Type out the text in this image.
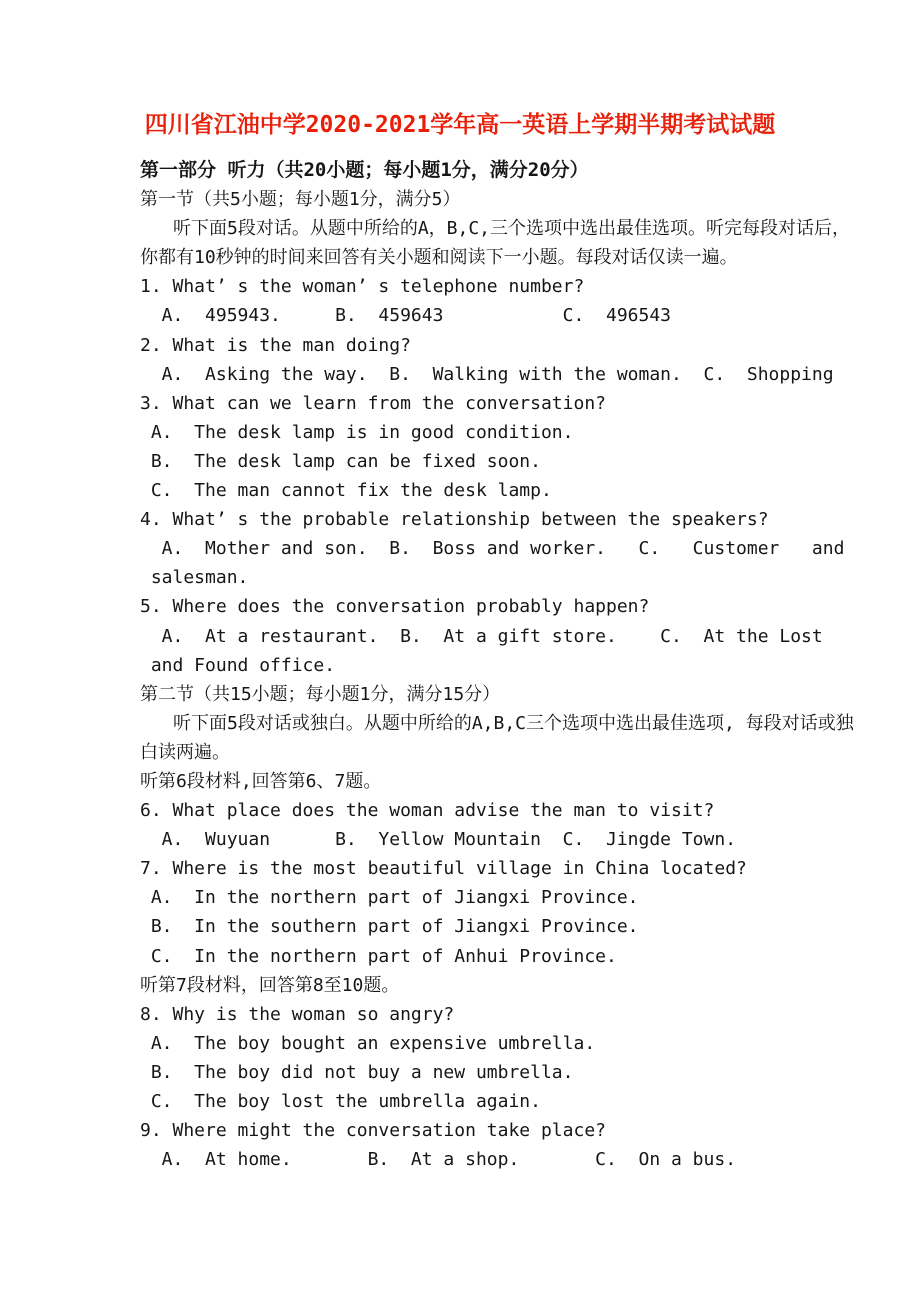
四川省江油中学2020-2021学年高一英语上学期半期考试试题
第一部分 听力（共20小题；每小题1分，满分20分）
第一节（共5小题；每小题1分，满分5）
听下面5段对话。从题中所给的A，B,C,三个选项中选出最佳选项。听完每段对话后，
你都有10秒钟的时间来回答有关小题和阅读下一小题。每段对话仅读一遍。
1. What’ s the woman’ s telephone number?
A.  495943.     B.  459643           C.  496543
2. What is the man doing?
A.  Asking the way.  B.  Walking with the woman.  C.  Shopping
3. What can we learn from the conversation?
A.  The desk lamp is in good condition.
B.  The desk lamp can be fixed soon.
C.  The man cannot fix the desk lamp.
4. What’ s the probable relationship between the speakers?
A.  Mother and son.  B.  Boss and worker.   C.   Customer   and
salesman.
5. Where does the conversation probably happen?
A.  At a restaurant.  B.  At a gift store.    C.  At the Lost
and Found office.
第二节（共15小题；每小题1分，满分15分）
听下面5段对话或独白。从题中所给的A,B,C三个选项中选出最佳选项, 每段对话或独
白读两遍。
听第6段材料,回答第6、7题。
6. What place does the woman advise the man to visit?
A.  Wuyuan      B.  Yellow Mountain  C.  Jingde Town.
7. Where is the most beautiful village in China located?
A.  In the northern part of Jiangxi Province.
B.  In the southern part of Jiangxi Province.
C.  In the northern part of Anhui Province.
听第7段材料，回答第8至10题。
8. Why is the woman so angry?
A.  The boy bought an expensive umbrella.
B.  The boy did not buy a new umbrella.
C.  The boy lost the umbrella again.
9. Where might the conversation take place?
A.  At home.       B.  At a shop.       C.  On a bus.
